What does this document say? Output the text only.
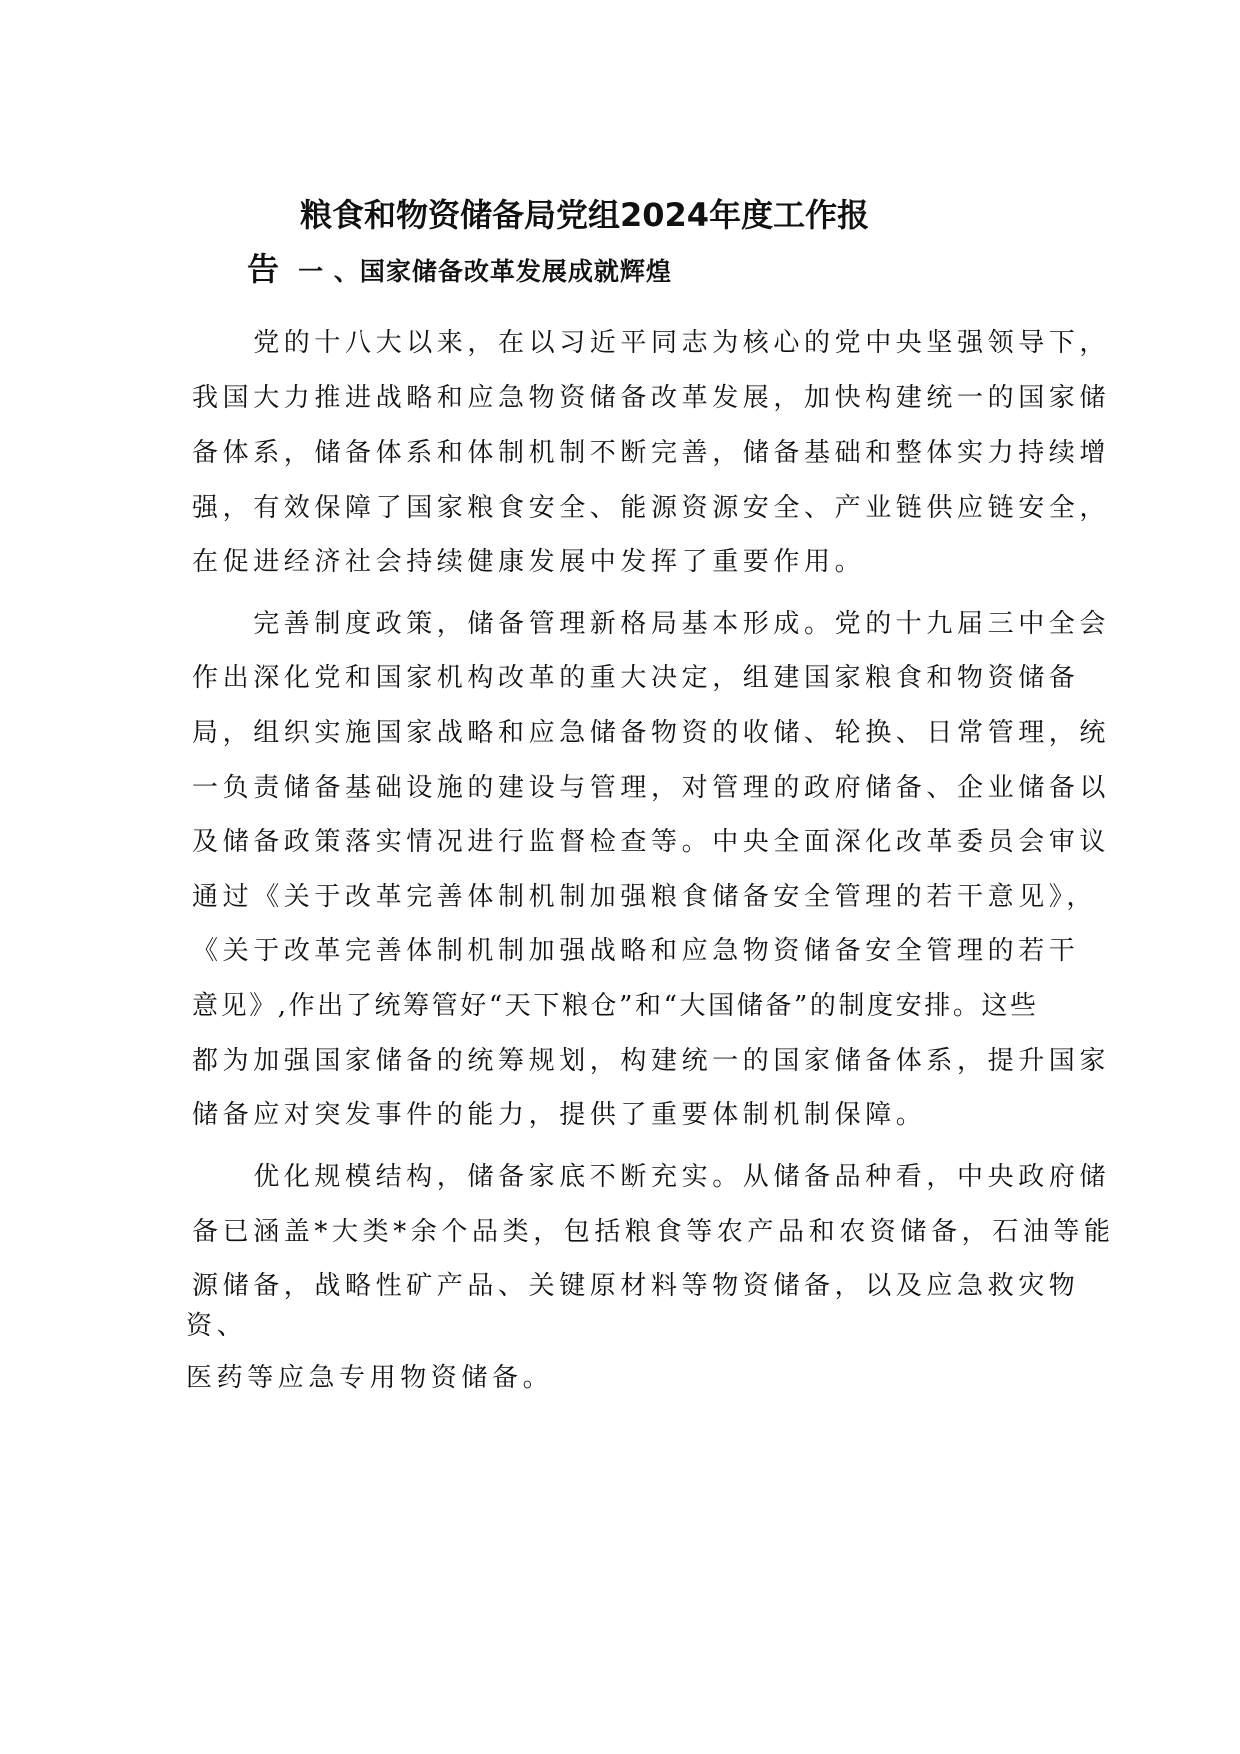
粮食和物资储备局党组2024年度工作报
告 一 、国家储备改革发展成就辉煌
　　党的十八大以来，在以习近平同志为核心的党中央坚强领导下，
我国大力推进战略和应急物资储备改革发展，加快构建统一的国家储
备体系，储备体系和体制机制不断完善，储备基础和整体实力持续增
强，有效保障了国家粮食安全、能源资源安全、产业链供应链安全，
在促进经济社会持续健康发展中发挥了重要作用。
　　完善制度政策，储备管理新格局基本形成。党的十九届三中全会
作出深化党和国家机构改革的重大决定，组建国家粮食和物资储备
局，组织实施国家战略和应急储备物资的收储、轮换、日常管理，统
一负责储备基础设施的建设与管理，对管理的政府储备、企业储备以
及储备政策落实情况进行监督检查等。中央全面深化改革委员会审议
通过《关于改革完善体制机制加强粮食储备安全管理的若干意见》，
《关于改革完善体制机制加强战略和应急物资储备安全管理的若干
意见》,作出了统筹管好“天下粮仓”和“大国储备”的制度安排。这些
都为加强国家储备的统筹规划，构建统一的国家储备体系，提升国家
储备应对突发事件的能力，提供了重要体制机制保障。
　　优化规模结构，储备家底不断充实。从储备品种看，中央政府储
备已涵盖*大类*余个品类，包括粮食等农产品和农资储备，石油等能
源储备，战略性矿产品、关键原材料等物资储备，以及应急救灾物
资、
医药等应急专用物资储备。
